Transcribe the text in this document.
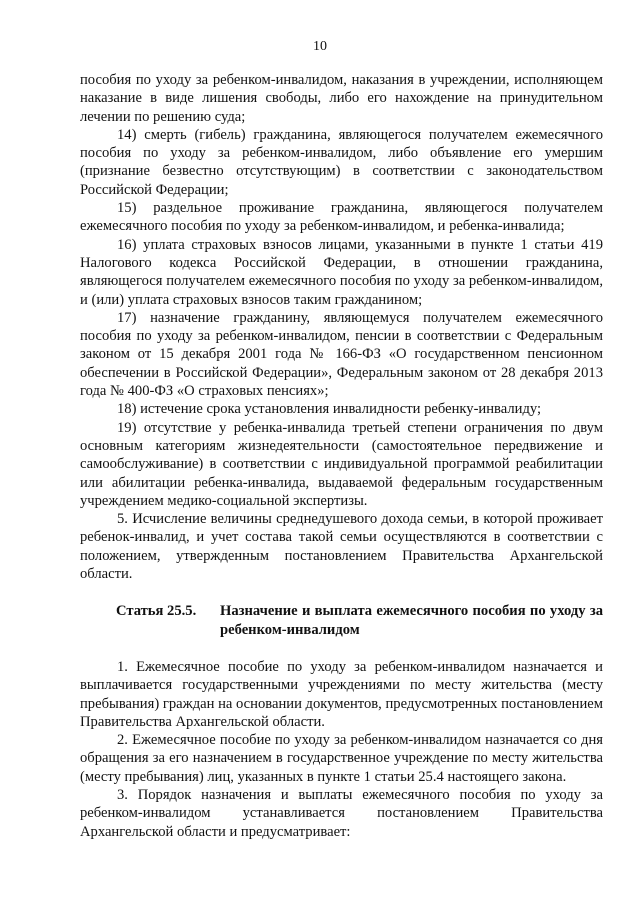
10

пособия по уходу за ребенком-инвалидом, наказания в учреждении, исполняющем наказание в виде лишения свободы, либо его нахождение на принудительном лечении по решению суда;

14) смерть (гибель) гражданина, являющегося получателем ежемесячного пособия по уходу за ребенком-инвалидом, либо объявление его умершим (признание безвестно отсутствующим) в соответствии с законодательством Российской Федерации;

15) раздельное проживание гражданина, являющегося получателем ежемесячного пособия по уходу за ребенком-инвалидом, и ребенка-инвалида;

16) уплата страховых взносов лицами, указанными в пункте 1 статьи 419 Налогового кодекса Российской Федерации, в отношении гражданина, являющегося получателем ежемесячного пособия по уходу за ребенком-инвалидом, и (или) уплата страховых взносов таким гражданином;

17) назначение гражданину, являющемуся получателем ежемесячного пособия по уходу за ребенком-инвалидом, пенсии в соответствии с Федеральным законом от 15 декабря 2001 года № 166-ФЗ «О государственном пенсионном обеспечении в Российской Федерации», Федеральным законом от 28 декабря 2013 года № 400-ФЗ «О страховых пенсиях»;

18) истечение срока установления инвалидности ребенку-инвалиду;

19) отсутствие у ребенка-инвалида третьей степени ограничения по двум основным категориям жизнедеятельности (самостоятельное передвижение и самообслуживание) в соответствии с индивидуальной программой реабилитации или абилитации ребенка-инвалида, выдаваемой федеральным государственным учреждением медико-социальной экспертизы.

5. Исчисление величины среднедушевого дохода семьи, в которой проживает ребенок-инвалид, и учет состава такой семьи осуществляются в соответствии с положением, утвержденным постановлением Правительства Архангельской области.

Статья 25.5.	Назначение и выплата ежемесячного пособия по уходу за ребенком-инвалидом

1. Ежемесячное пособие по уходу за ребенком-инвалидом назначается и выплачивается государственными учреждениями по месту жительства (месту пребывания) граждан на основании документов, предусмотренных постановлением Правительства Архангельской области.

2. Ежемесячное пособие по уходу за ребенком-инвалидом назначается со дня обращения за его назначением в государственное учреждение по месту жительства (месту пребывания) лиц, указанных в пункте 1 статьи 25.4 настоящего закона.

3. Порядок назначения и выплаты ежемесячного пособия по уходу за ребенком-инвалидом устанавливается постановлением Правительства Архангельской области и предусматривает:
